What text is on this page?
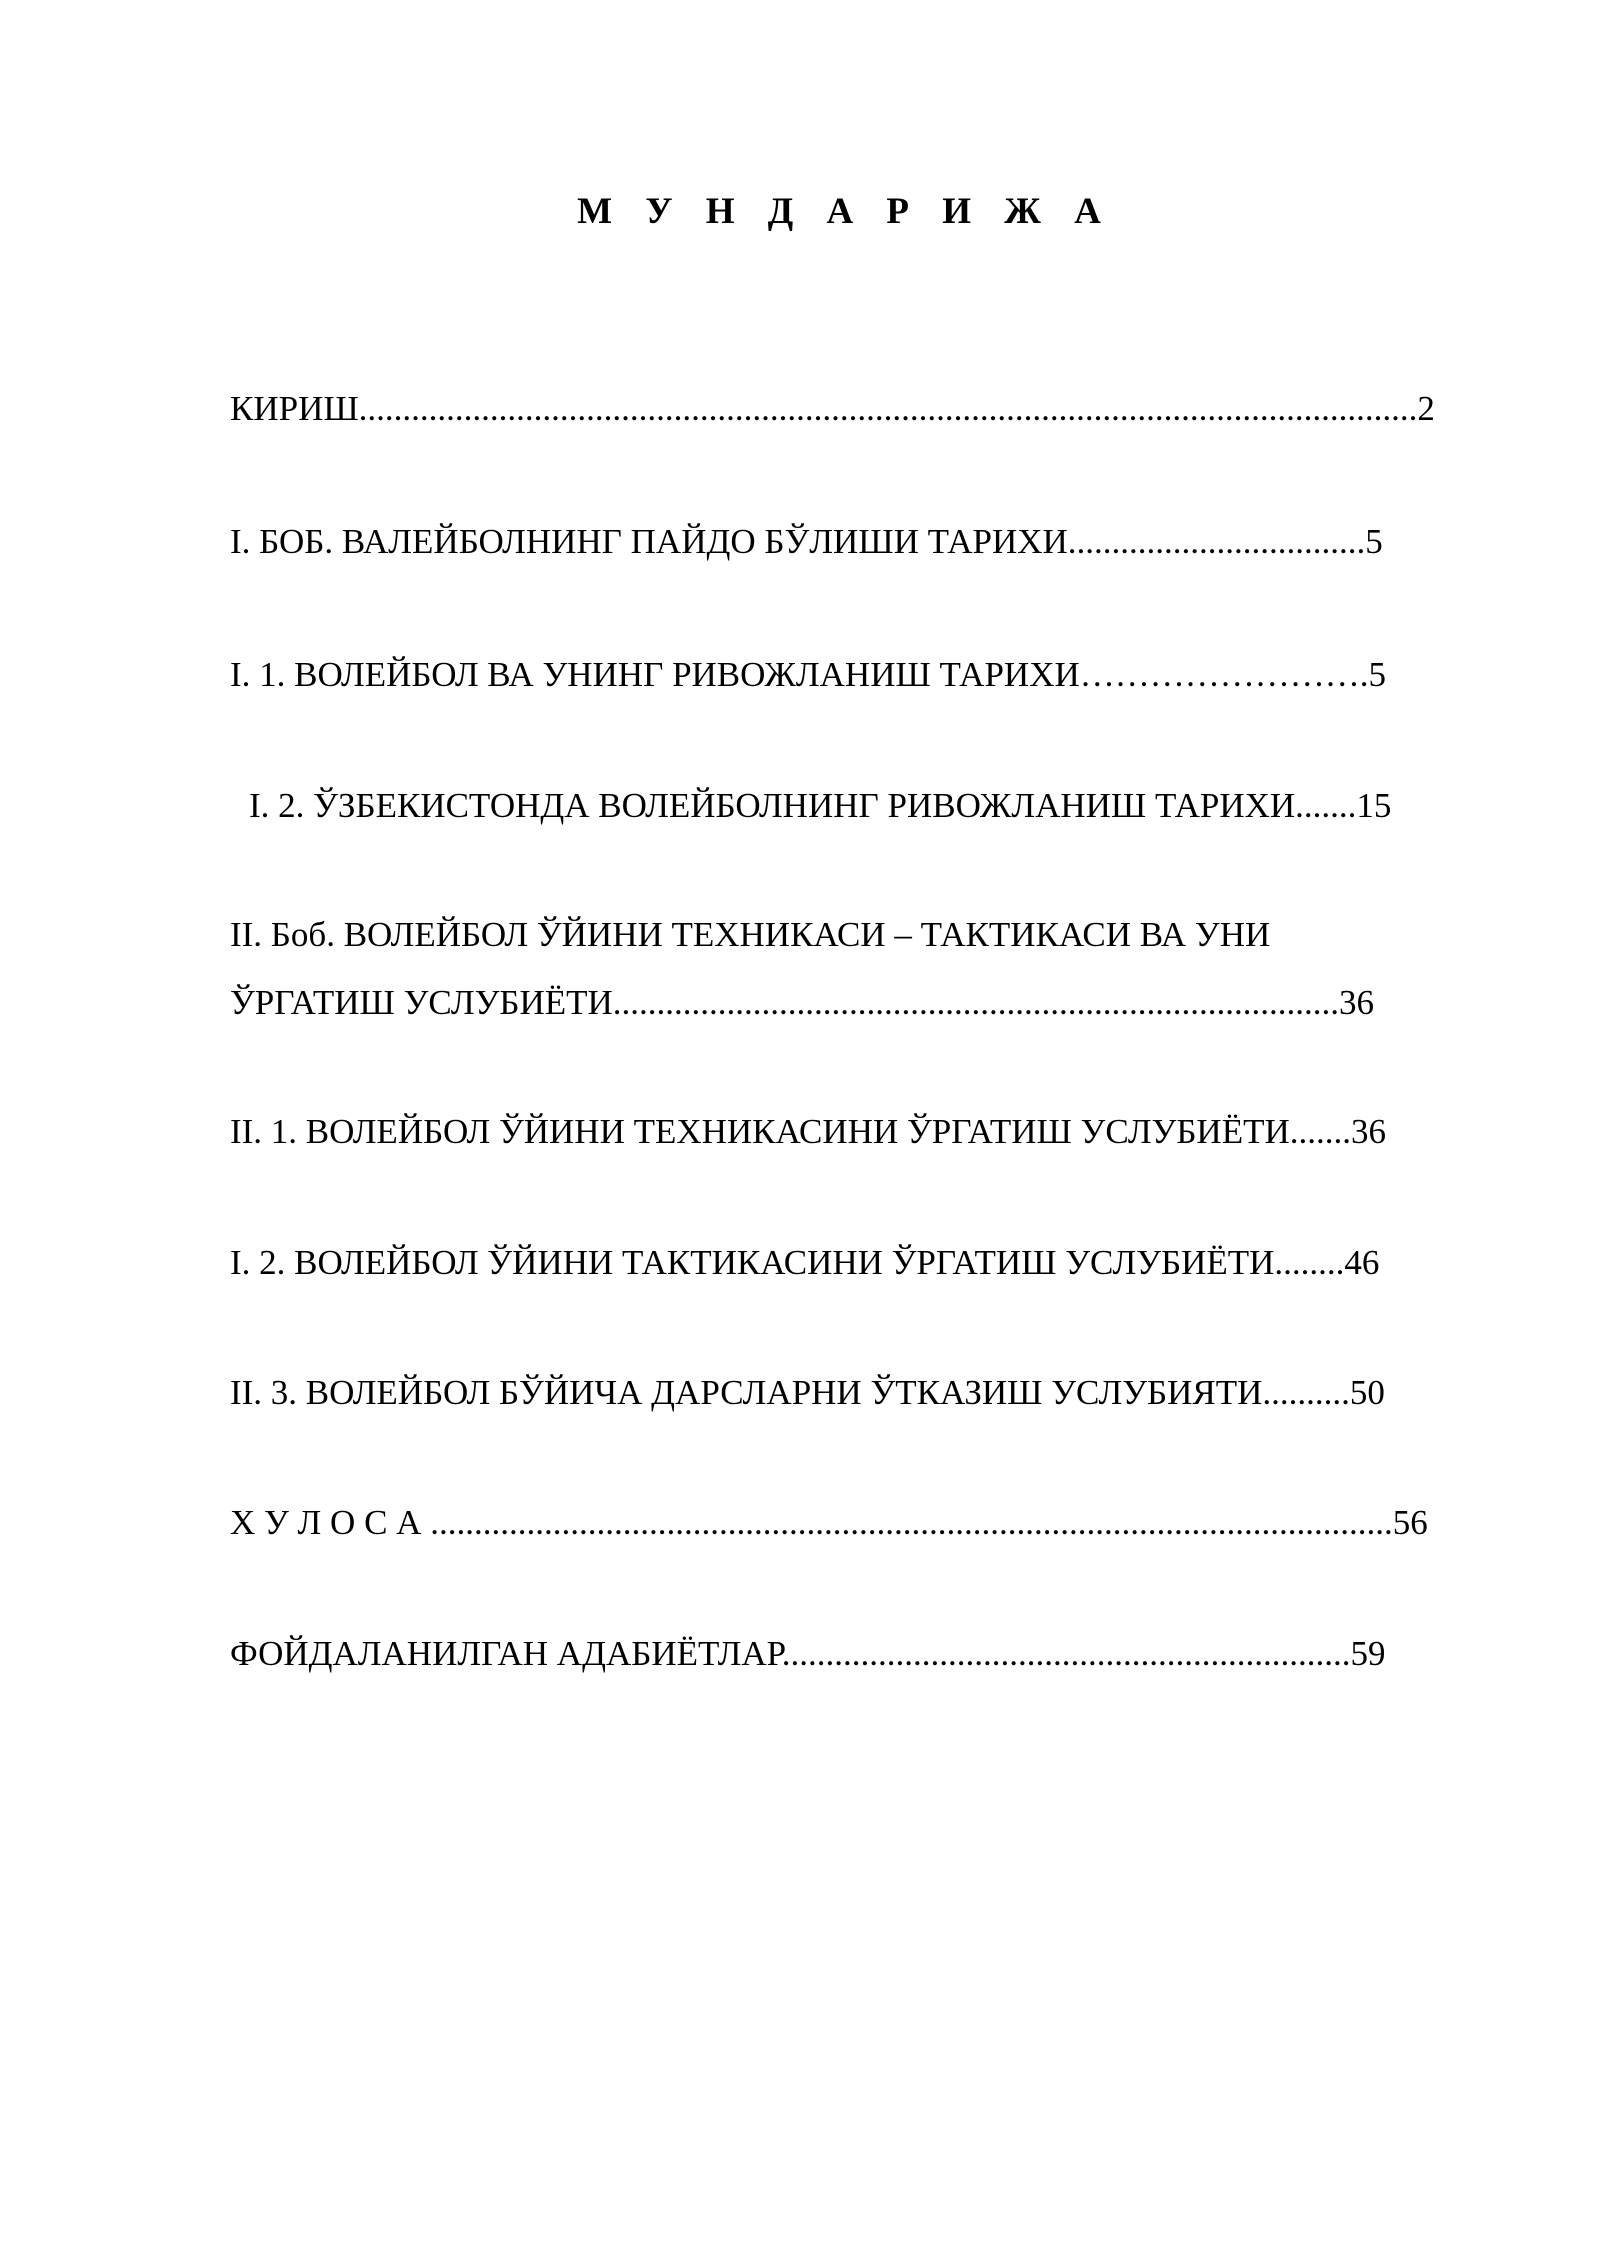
М У Н Д А Р И Ж А
КИРИШ.........................................................................................................................2
I. БОБ. ВАЛЕЙБОЛНИНГ ПАЙДО БЎЛИШИ ТАРИХИ..................................5
I. 1. ВОЛЕЙБОЛ ВА УНИНГ РИВОЖЛАНИШ ТАРИХИ…………………….5
I. 2. ЎЗБЕКИСТОНДА ВОЛЕЙБОЛНИНГ РИВОЖЛАНИШ ТАРИХИ.......15
II. Боб. ВОЛЕЙБОЛ ЎЙИНИ ТЕХНИКАСИ – ТАКТИКАСИ ВА УНИ
ЎРГАТИШ УСЛУБИЁТИ...................................................................................36
II. 1. ВОЛЕЙБОЛ ЎЙИНИ ТЕХНИКАСИНИ ЎРГАТИШ УСЛУБИЁТИ.......36
I. 2. ВОЛЕЙБОЛ ЎЙИНИ ТАКТИКАСИНИ ЎРГАТИШ УСЛУБИЁТИ........46
II. 3. ВОЛЕЙБОЛ БЎЙИЧА ДАРСЛАРНИ ЎТКАЗИШ УСЛУБИЯТИ..........50
Х У Л О С А ..............................................................................................................56
ФОЙДАЛАНИЛГАН АДАБИЁТЛАР.................................................................59
